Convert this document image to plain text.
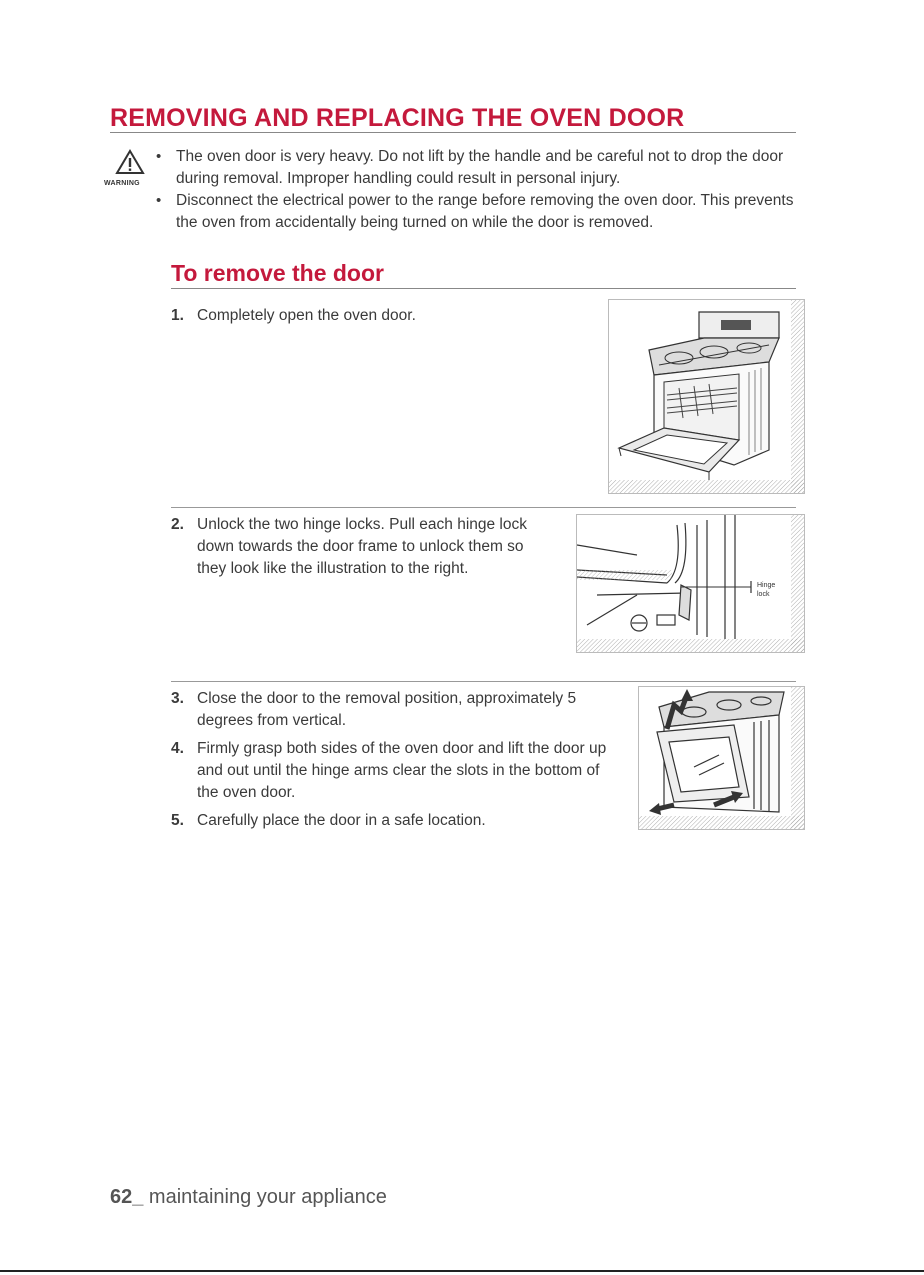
REMOVING AND REPLACING THE OVEN DOOR
WARNING
• The oven door is very heavy. Do not lift by the handle and be careful not to drop the door during removal. Improper handling could result in personal injury.
• Disconnect the electrical power to the range before removing the oven door. This prevents the oven from accidentally being turned on while the door is removed.
To remove the door
1. Completely open the oven door.
2. Unlock the two hinge locks. Pull each hinge lock down towards the door frame to unlock them so they look like the illustration to the right.
Hinge
lock
3. Close the door to the removal position, approximately 5 degrees from vertical.
4. Firmly grasp both sides of the oven door and lift the door up and out until the hinge arms clear the slots in the bottom of the oven door.
5. Carefully place the door in a safe location.
62_ maintaining your appliance
